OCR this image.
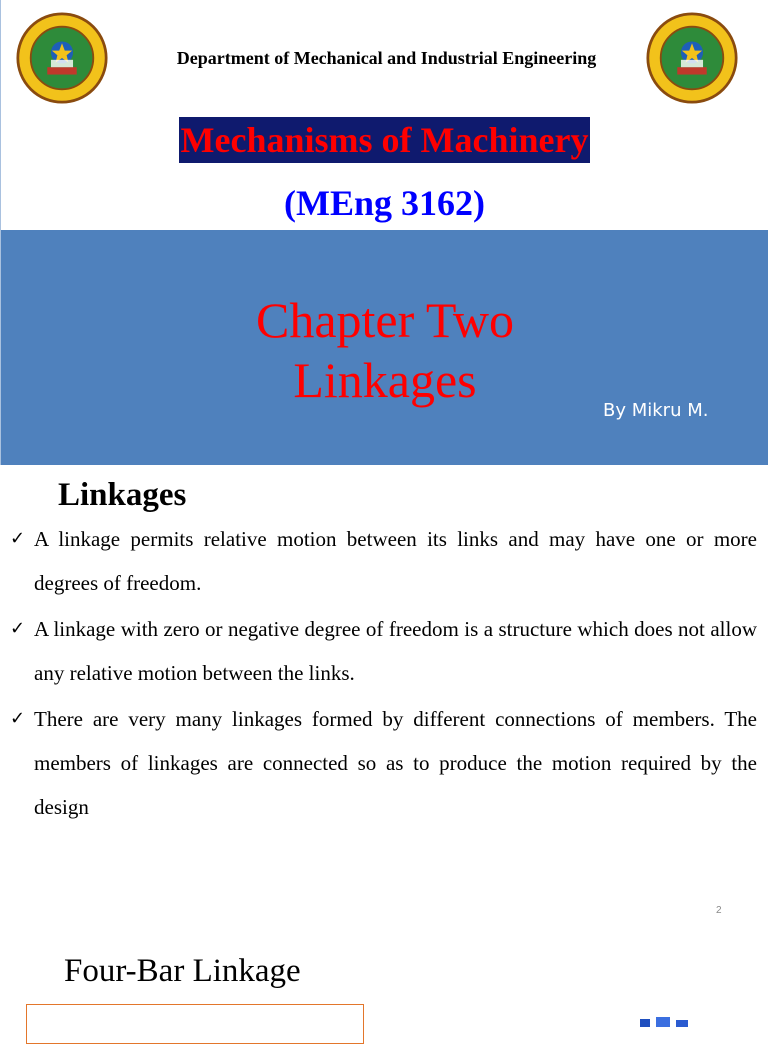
Department of Mechanical and Industrial Engineering
Mechanisms of Machinery
(MEng 3162)
Chapter Two
Linkages
By Mikru M.
Linkages
✓ A linkage permits relative motion between its links and may have one or more degrees of freedom.
✓ A linkage with zero or negative degree of freedom is a structure which does not allow any relative motion between the links.
✓ There are very many linkages formed by different connections of members. The members of linkages are connected so as to produce the motion required by the design
2
Four-Bar Linkage
